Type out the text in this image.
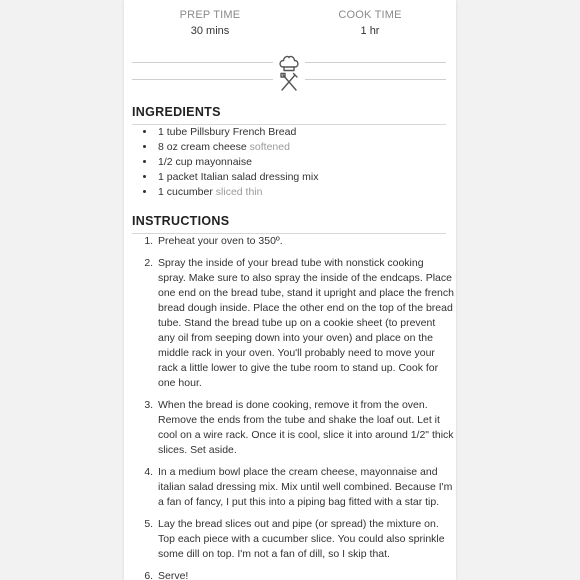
PREP TIME
30 mins
COOK TIME
1 hr
INGREDIENTS
• 1 tube Pillsbury French Bread
• 8 oz cream cheese softened
• 1/2 cup mayonnaise
• 1 packet Italian salad dressing mix
• 1 cucumber sliced thin
INSTRUCTIONS
1. Preheat your oven to 350º.
2. Spray the inside of your bread tube with nonstick cooking spray. Make sure to also spray the inside of the endcaps. Place one end on the bread tube, stand it upright and place the french bread dough inside. Place the other end on the top of the bread tube. Stand the bread tube up on a cookie sheet (to prevent any oil from seeping down into your oven) and place on the middle rack in your oven. You'll probably need to move your rack a little lower to give the tube room to stand up. Cook for one hour.
3. When the bread is done cooking, remove it from the oven. Remove the ends from the tube and shake the loaf out. Let it cool on a wire rack. Once it is cool, slice it into around 1/2" thick slices. Set aside.
4. In a medium bowl place the cream cheese, mayonnaise and italian salad dressing mix. Mix until well combined. Because I'm a fan of fancy, I put this into a piping bag fitted with a star tip.
5. Lay the bread slices out and pipe (or spread) the mixture on. Top each piece with a cucumber slice. You could also sprinkle some dill on top. I'm not a fan of dill, so I skip that.
6. Serve!
